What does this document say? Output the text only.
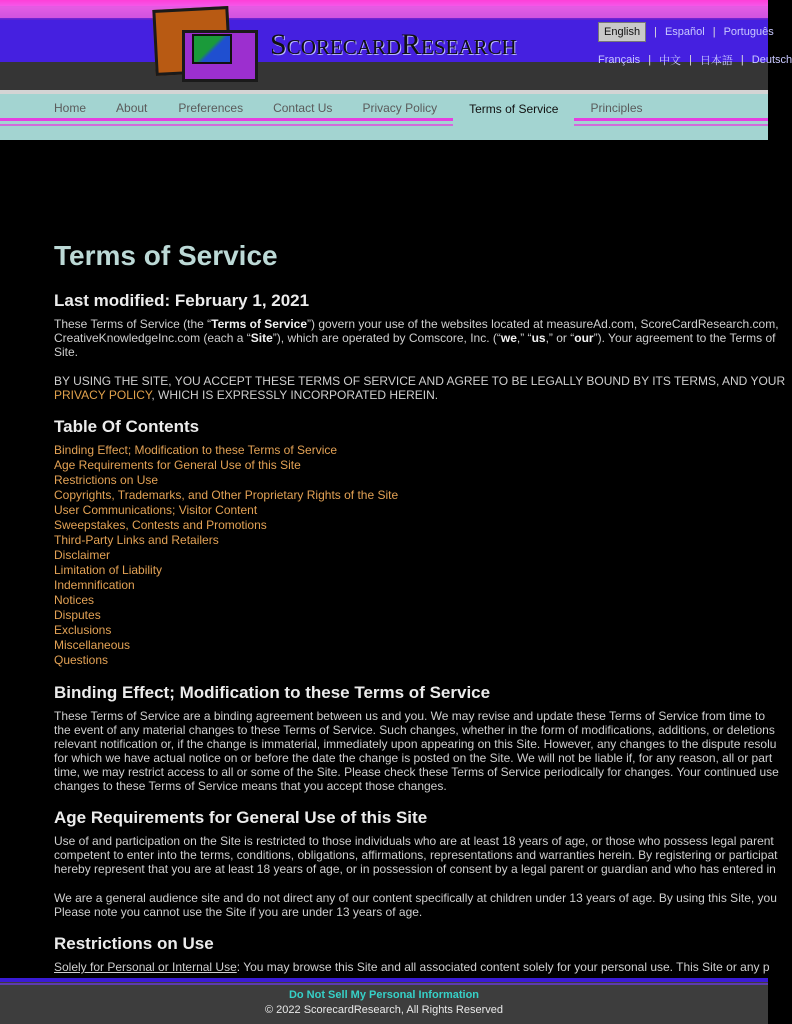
ScorecardResearch	English	| Español | Português
Français | 中文 | 日本語 | Deutsch
Home	About	Preferences	Contact Us	Privacy Policy	Terms of Service	Principles
Terms of Service
Last modified: February 1, 2021

These Terms of Service (the “Terms of Service”) govern your use of the websites located at measureAd.com, ScoreCardResearch.com,

CreativeKnowledgeInc.com (each a “Site”), which are operated by Comscore, Inc. (“we,” “us,” or “our”). Your agreement to the Terms of

Site.

BY USING THE SITE, YOU ACCEPT THESE TERMS OF SERVICE AND AGREE TO BE LEGALLY BOUND BY ITS TERMS, AND YOUR

PRIVACY POLICY, WHICH IS EXPRESSLY INCORPORATED HEREIN.

Table Of Contents
Binding Effect; Modification to these Terms of Service
Age Requirements for General Use of this Site
Restrictions on Use
Copyrights, Trademarks, and Other Proprietary Rights of the Site
User Communications; Visitor Content
Sweepstakes, Contests and Promotions
Third-Party Links and Retailers
Disclaimer
Limitation of Liability
Indemnification
Notices
Disputes
Exclusions
Miscellaneous
Questions
Binding Effect; Modification to these Terms of Service

These Terms of Service are a binding agreement between us and you. We may revise and update these Terms of Service from time to

the event of any material changes to these Terms of Service. Such changes, whether in the form of modifications, additions, or deletions

relevant notification or, if the change is immaterial, immediately upon appearing on this Site. However, any changes to the dispute resolu

for which we have actual notice on or before the date the change is posted on the Site. We will not be liable if, for any reason, all or part

time, we may restrict access to all or some of the Site. Please check these Terms of Service periodically for changes. Your continued use

changes to these Terms of Service means that you accept those changes.

Age Requirements for General Use of this Site

Use of and participation on the Site is restricted to those individuals who are at least 18 years of age, or those who possess legal parent

competent to enter into the terms, conditions, obligations, affirmations, representations and warranties herein. By registering or participat

hereby represent that you are at least 18 years of age, or in possession of consent by a legal parent or guardian and who has entered in

We are a general audience site and do not direct any of our content specifically at children under 13 years of age. By using this Site, you

Please note you cannot use the Site if you are under 13 years of age.

Restrictions on Use

Solely for Personal or Internal Use: You may browse this Site and all associated content solely for your personal use. This Site or any p

Do Not Sell My Personal Information
© 2022 ScorecardResearch, All Rights Reserved
